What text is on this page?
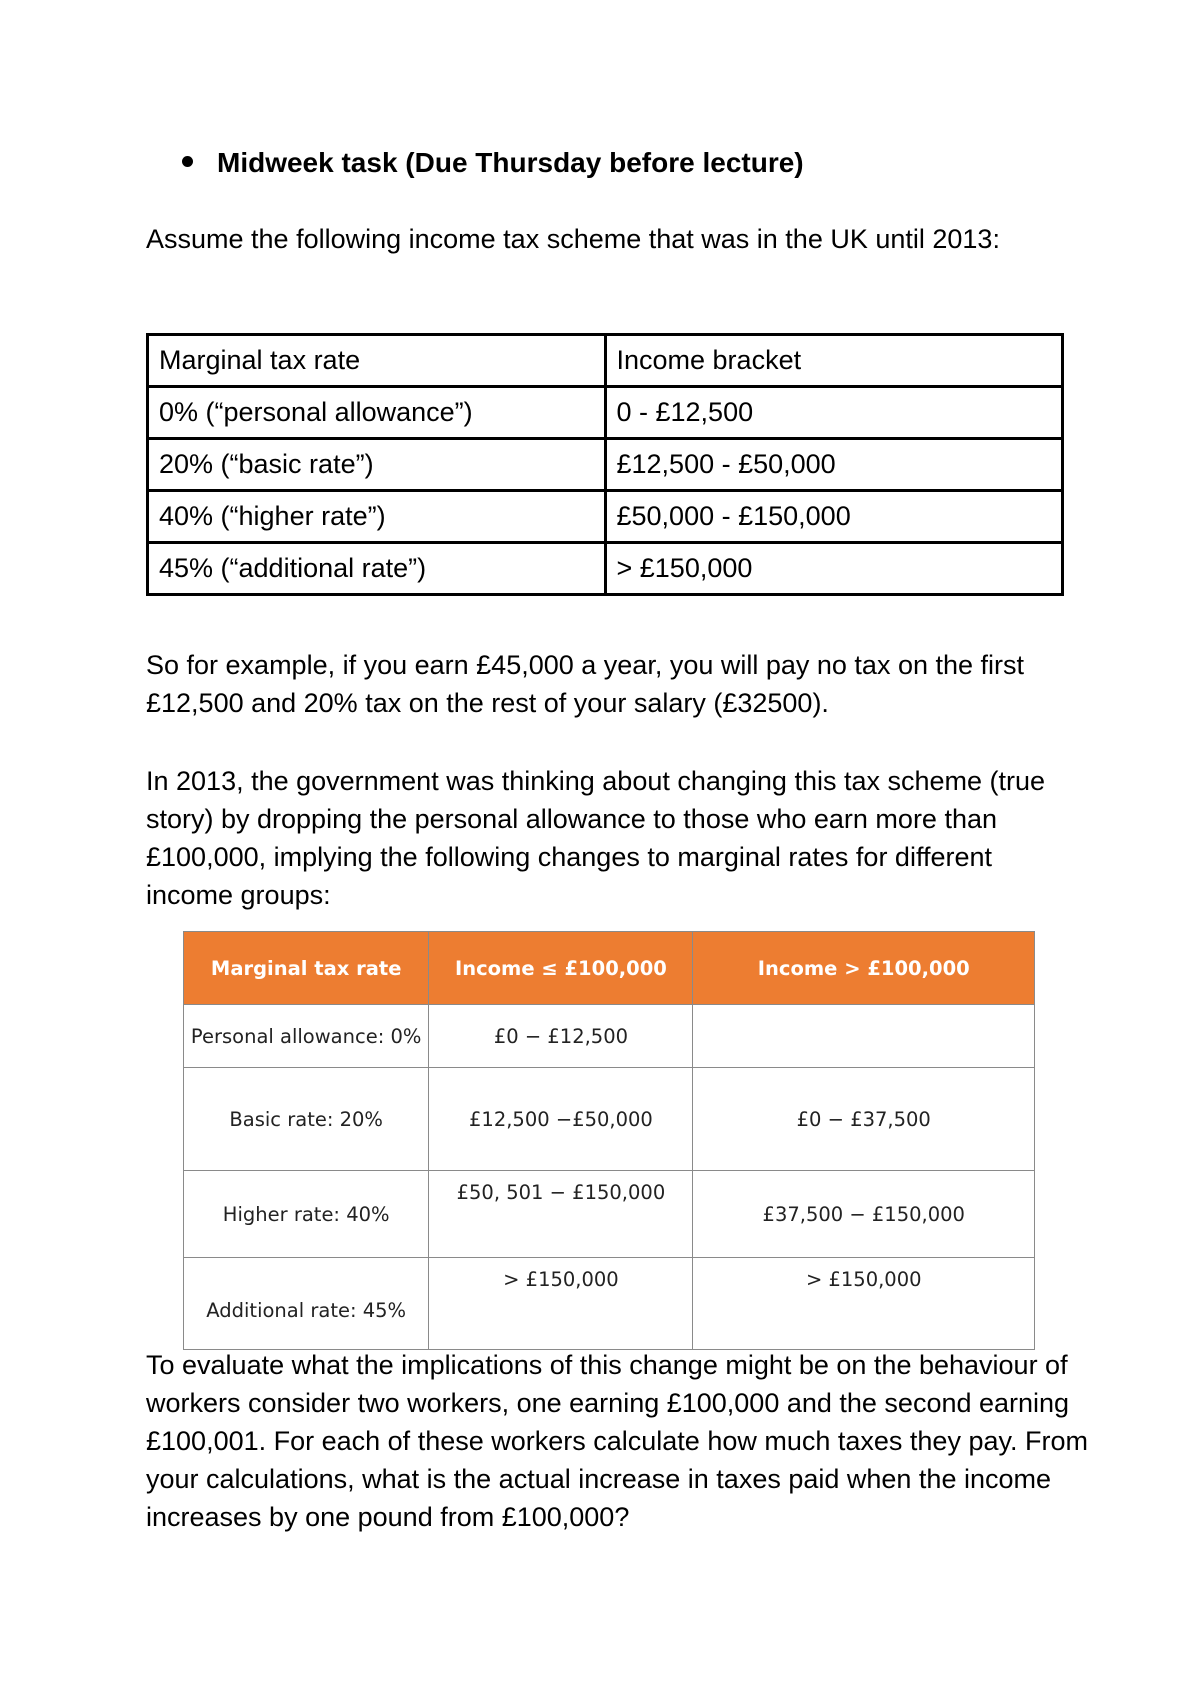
Midweek task (Due Thursday before lecture)
Assume the following income tax scheme that was in the UK until 2013:
Marginal tax rate	Income bracket
0% (“personal allowance”)	0 - £12,500
20% (“basic rate”)	£12,500 - £50,000
40% (“higher rate”)	£50,000 - £150,000
45% (“additional rate”)	> £150,000
So for example, if you earn £45,000 a year, you will pay no tax on the first £12,500 and 20% tax on the rest of your salary (£32500).
In 2013, the government was thinking about changing this tax scheme (true story) by dropping the personal allowance to those who earn more than £100,000, implying the following changes to marginal rates for different income groups:
Marginal tax rate	Income ≤ £100,000	Income > £100,000
Personal allowance: 0%	£0 − £12,500	
Basic rate: 20%	£12,500 −£50,000	£0 − £37,500
Higher rate: 40%	£50, 501 − £150,000	£37,500 − £150,000
Additional rate: 45%	> £150,000	> £150,000
To evaluate what the implications of this change might be on the behaviour of workers consider two workers, one earning £100,000 and the second earning £100,001. For each of these workers calculate how much taxes they pay. From your calculations, what is the actual increase in taxes paid when the income increases by one pound from £100,000?
